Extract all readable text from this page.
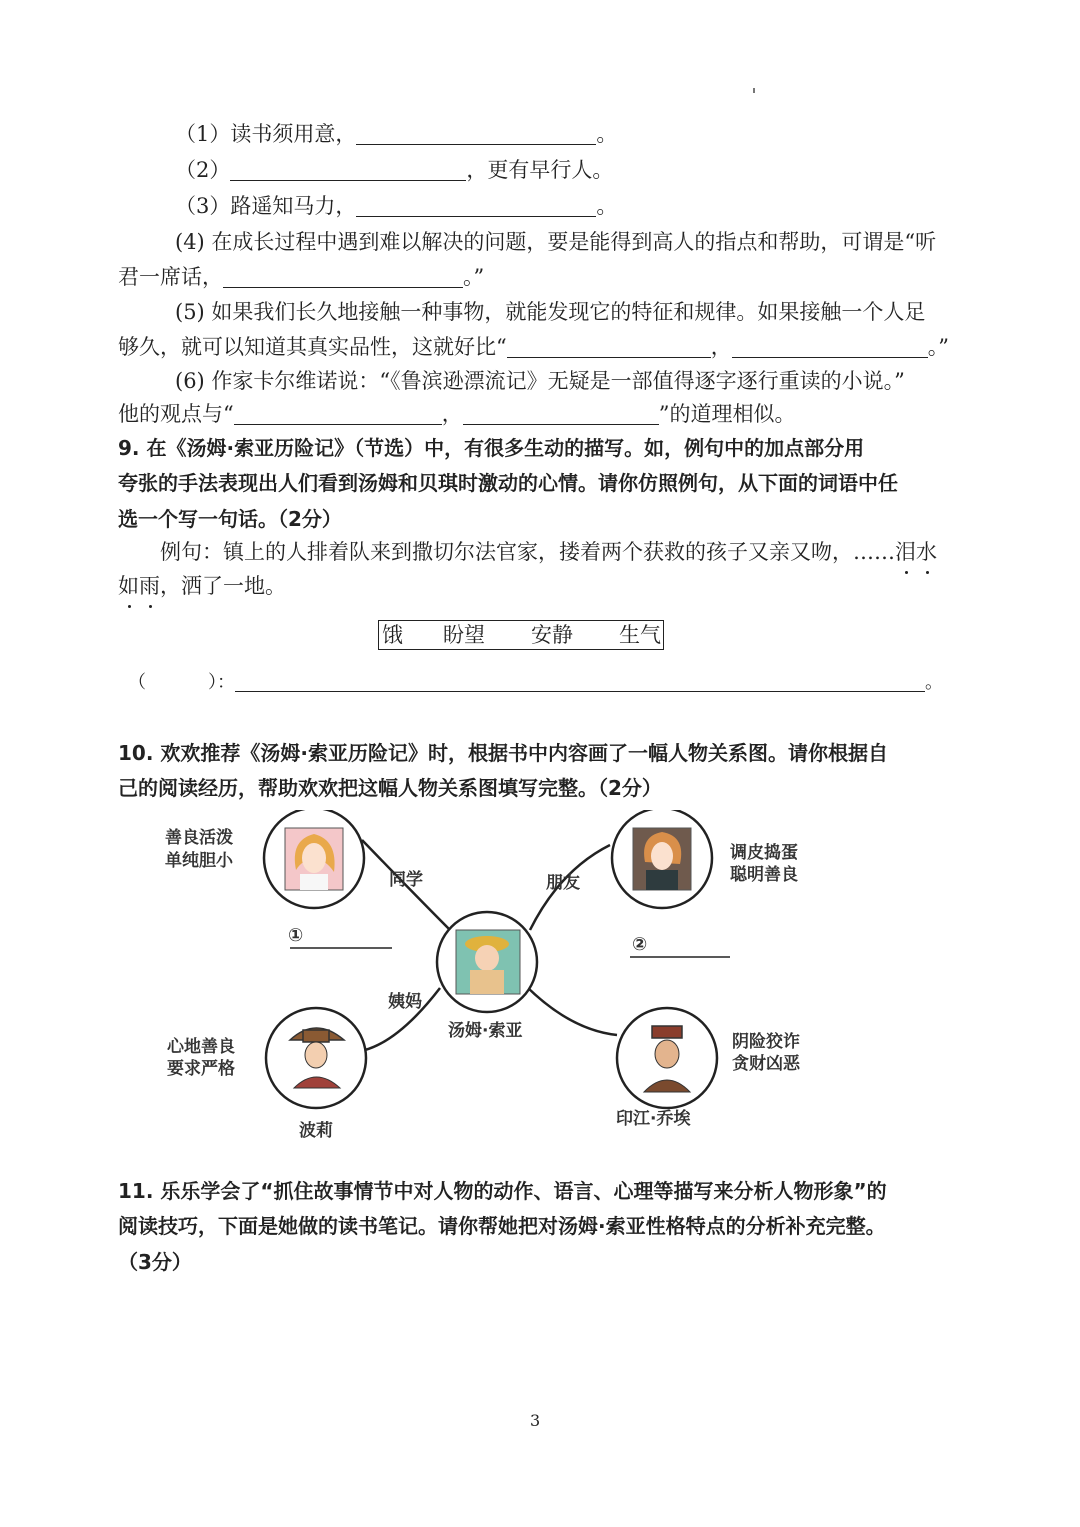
（1）读书须用意，	。
（2）	，更有早行人。
（3）路遥知马力，	。
(4) 在成长过程中遇到难以解决的问题，要是能得到高人的指点和帮助，可谓是“听
君一席话，	。”
(5) 如果我们长久地接触一种事物，就能发现它的特征和规律。如果接触一个人足
够久，就可以知道其真实品性，这就好比“	，	。”
(6) 作家卡尔维诺说：“《鲁滨逊漂流记》无疑是一部值得逐字逐行重读的小说。”
他的观点与“	，	”的道理相似。
9. 在《汤姆·索亚历险记》（节选）中，有很多生动的描写。如，例句中的加点部分用
夸张的手法表现出人们看到汤姆和贝琪时激动的心情。请你仿照例句，从下面的词语中任
选一个写一句话。（2分）
例句：镇上的人排着队来到撒切尔法官家，搂着两个获救的孩子又亲又吻，……泪水
如雨，洒了一地。
饿 盼望 安静 生气
（	）：	。
10. 欢欢推荐《汤姆·索亚历险记》时，根据书中内容画了一幅人物关系图。请你根据自
己的阅读经历，帮助欢欢把这幅人物关系图填写完整。（2分）
善良活泼
单纯胆小
同学
①
调皮捣蛋
聪明善良
朋友
②
姨妈
汤姆·索亚
心地善良
要求严格
波莉
阴险狡诈
贪财凶恶
印江·乔埃
11. 乐乐学会了“抓住故事情节中对人物的动作、语言、心理等描写来分析人物形象”的
阅读技巧，下面是她做的读书笔记。请你帮她把对汤姆·索亚性格特点的分析补充完整。
（3分）
3
